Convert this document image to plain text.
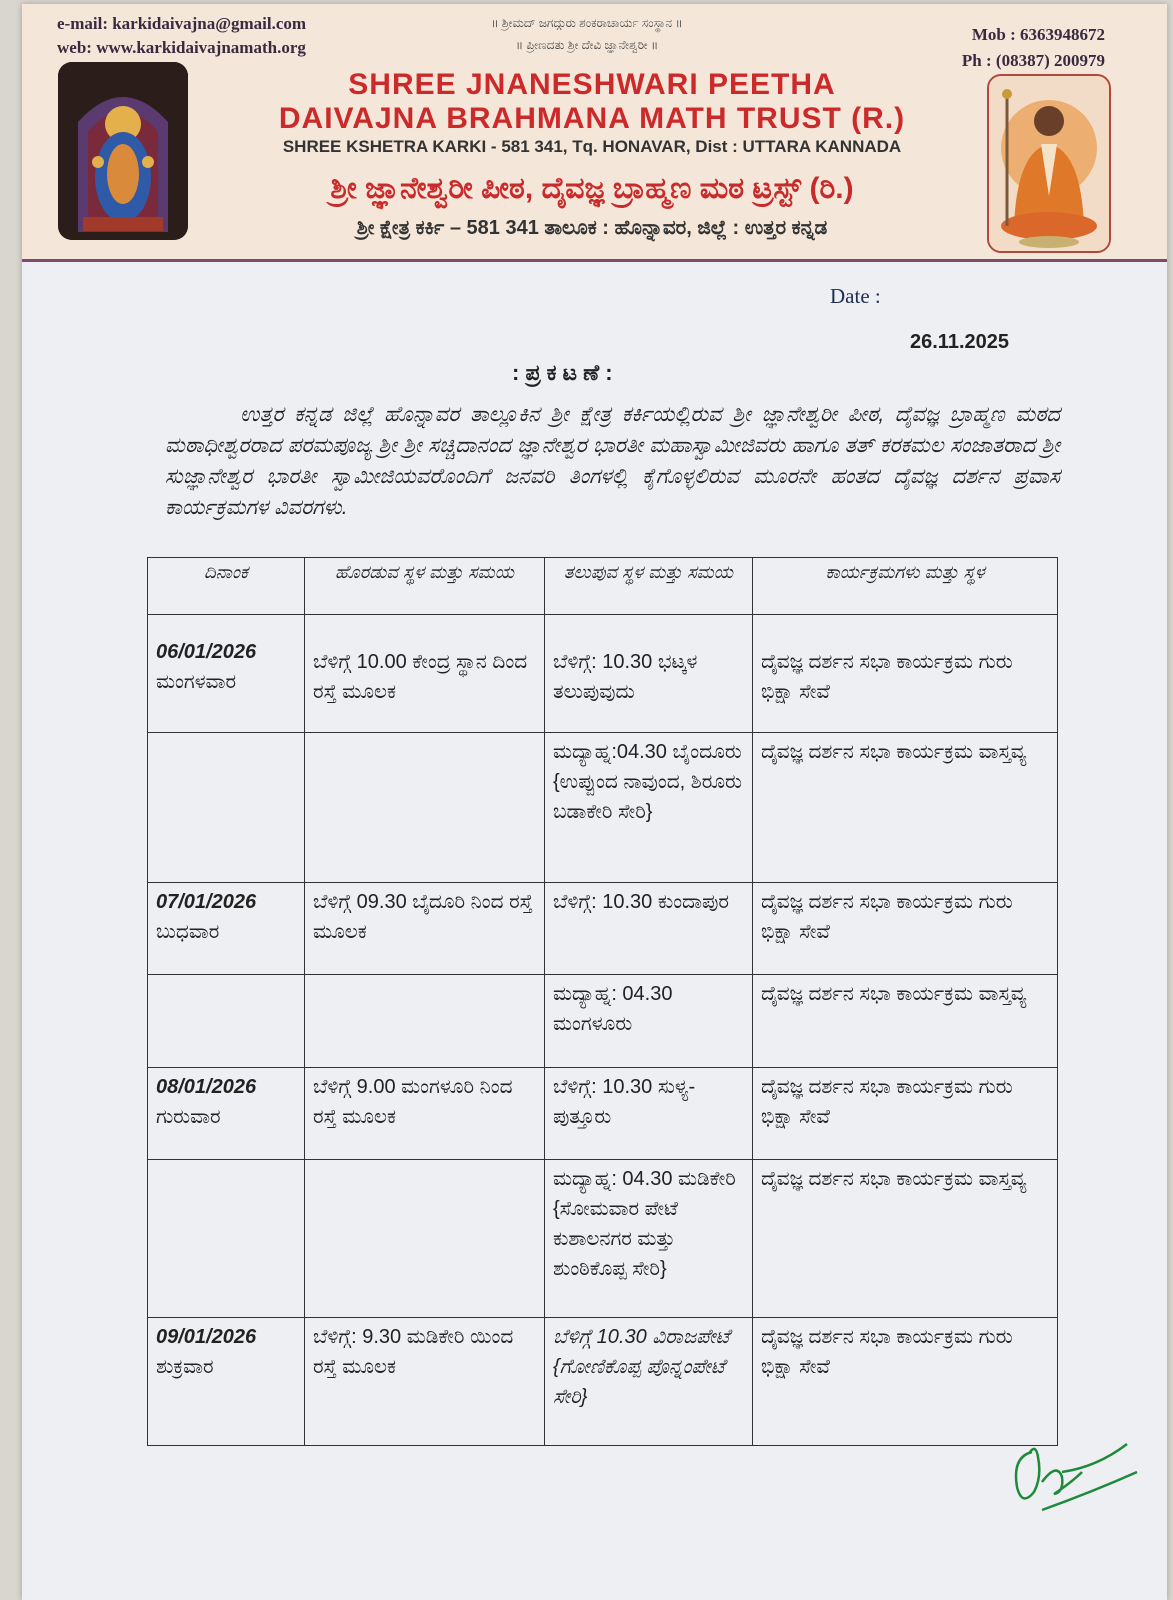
e-mail: karkidaivajna@gmail.com
web: www.karkidaivajnamath.org
॥ ಶ್ರೀಮದ್ ಜಗದ್ಗುರು ಶಂಕರಾಚಾರ್ಯ ಸಂಸ್ಥಾನ ॥
॥ ಪ್ರೀಣದತು ಶ್ರೀ ದೇವಿ ಜ್ಞಾನೇಶ್ವರೀ ॥
Mob : 6363948672
Ph : (08387) 200979
SHREE JNANESHWARI PEETHA
DAIVAJNA BRAHMANA MATH TRUST (R.)
SHREE KSHETRA KARKI - 581 341, Tq. HONAVAR, Dist : UTTARA KANNADA
ಶ್ರೀ ಜ್ಞಾನೇಶ್ವರೀ ಪೀಠ, ದೈವಜ್ಞ ಬ್ರಾಹ್ಮಣ ಮಠ ಟ್ರಸ್ಟ್ (ರಿ.)
ಶ್ರೀ ಕ್ಷೇತ್ರ ಕರ್ಕಿ – 581 341 ತಾಲೂಕ : ಹೊನ್ನಾವರ, ಜಿಲ್ಲೆ : ಉತ್ತರ ಕನ್ನಡ
Date :
26.11.2025
: ಪ್ರ ಕ ಟ ಣೆ :

ಉತ್ತರ ಕನ್ನಡ ಜಿಲ್ಲೆ ಹೊನ್ನಾವರ ತಾಲ್ಲೂಕಿನ ಶ್ರೀ ಕ್ಷೇತ್ರ ಕರ್ಕಿಯಲ್ಲಿರುವ ಶ್ರೀ ಜ್ಞಾನೇಶ್ವರೀ ಪೀಠ, ದೈವಜ್ಞ ಬ್ರಾಹ್ಮಣ ಮಠದ ಮಠಾಧೀಶ್ವರರಾದ ಪರಮಪೂಜ್ಯ ಶ್ರೀ ಶ್ರೀ ಸಚ್ಚಿದಾನಂದ ಜ್ಞಾನೇಶ್ವರ ಭಾರತೀ ಮಹಾಸ್ವಾಮೀಜಿವರು ಹಾಗೂ ತತ್ ಕರಕಮಲ ಸಂಜಾತರಾದ ಶ್ರೀ ಸುಜ್ಞಾನೇಶ್ವರ ಭಾರತೀ ಸ್ವಾಮೀಜಿಯವರೊಂದಿಗೆ ಜನವರಿ ತಿಂಗಳಲ್ಲಿ ಕೈಗೊಳ್ಳಲಿರುವ ಮೂರನೇ ಹಂತದ ದೈವಜ್ಞ ದರ್ಶನ ಪ್ರವಾಸ ಕಾರ್ಯಕ್ರಮಗಳ ವಿವರಗಳು.

ದಿನಾಂಕ	ಹೊರಡುವ ಸ್ಥಳ ಮತ್ತು ಸಮಯ	ತಲುಪುವ ಸ್ಥಳ ಮತ್ತು ಸಮಯ	ಕಾರ್ಯಕ್ರಮಗಳು ಮತ್ತು ಸ್ಥಳ

06/01/2026
ಮಂಗಳವಾರ	ಬೆಳಿಗ್ಗೆ 10.00 ಕೇಂದ್ರ ಸ್ಥಾನ ದಿಂದ ರಸ್ತೆ ಮೂಲಕ	ಬೆಳಿಗ್ಗೆ: 10.30 ಭಟ್ಕಳ ತಲುಪುವುದು	ದೈವಜ್ಞ ದರ್ಶನ ಸಭಾ ಕಾರ್ಯಕ್ರಮ ಗುರು ಭಿಕ್ಷಾ ಸೇವೆ

		ಮದ್ಯಾಹ್ನ:04.30 ಬೈಂದೂರು {ಉಪ್ಪುಂದ ನಾವುಂದ, ಶಿರೂರು ಬಡಾಕೇರಿ ಸೇರಿ}	ದೈವಜ್ಞ ದರ್ಶನ ಸಭಾ ಕಾರ್ಯಕ್ರಮ ವಾಸ್ತವ್ಯ

07/01/2026
ಬುಧವಾರ	ಬೆಳಿಗ್ಗೆ 09.30 ಬೈದೂರಿ ನಿಂದ ರಸ್ತೆ ಮೂಲಕ	ಬೆಳಿಗ್ಗೆ: 10.30 ಕುಂದಾಪುರ	ದೈವಜ್ಞ ದರ್ಶನ ಸಭಾ ಕಾರ್ಯಕ್ರಮ ಗುರು ಭಿಕ್ಷಾ ಸೇವೆ
		ಮದ್ಯಾಹ್ನ: 04.30 ಮಂಗಳೂರು	ದೈವಜ್ಞ ದರ್ಶನ ಸಭಾ ಕಾರ್ಯಕ್ರಮ ವಾಸ್ತವ್ಯ

08/01/2026
ಗುರುವಾರ	ಬೆಳಿಗ್ಗೆ 9.00 ಮಂಗಳೂರಿ ನಿಂದ ರಸ್ತೆ ಮೂಲಕ	ಬೆಳಿಗ್ಗೆ: 10.30 ಸುಳ್ಯ-ಪುತ್ತೂರು	ದೈವಜ್ಞ ದರ್ಶನ ಸಭಾ ಕಾರ್ಯಕ್ರಮ ಗುರು ಭಿಕ್ಷಾ ಸೇವೆ
		ಮದ್ಯಾಹ್ನ: 04.30 ಮಡಿಕೇರಿ {ಸೋಮವಾರ ಪೇಟೆ ಕುಶಾಲನಗರ ಮತ್ತು ಶುಂಠಿಕೊಪ್ಪ ಸೇರಿ}	ದೈವಜ್ಞ ದರ್ಶನ ಸಭಾ ಕಾರ್ಯಕ್ರಮ ವಾಸ್ತವ್ಯ

09/01/2026
ಶುಕ್ರವಾರ	ಬೆಳಿಗ್ಗೆ: 9.30 ಮಡಿಕೇರಿ ಯಿಂದ ರಸ್ತೆ ಮೂಲಕ	ಬೆಳಿಗ್ಗೆ 10.30 ವಿರಾಜಪೇಟೆ {ಗೋಣಿಕೊಪ್ಪ ಪೊನ್ನಂಪೇಟೆ ಸೇರಿ}	ದೈವಜ್ಞ ದರ್ಶನ ಸಭಾ ಕಾರ್ಯಕ್ರಮ ಗುರು ಭಿಕ್ಷಾ ಸೇವೆ
